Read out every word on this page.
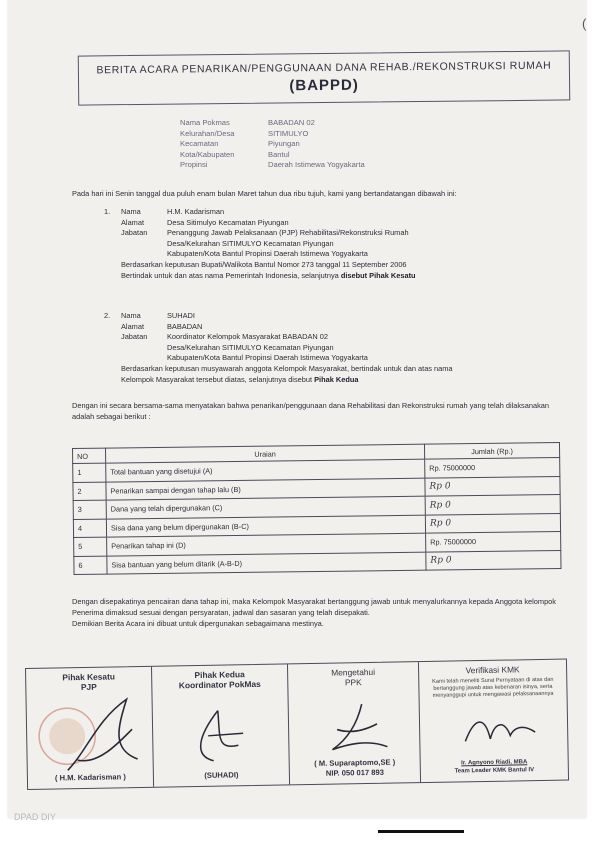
(
BERITA ACARA PENARIKAN/PENGGUNAAN DANA REHAB./REKONSTRUKSI RUMAH
(BAPPD)
Nama Pokmas	BABADAN 02
Kelurahan/Desa	SITIMULYO
Kecamatan	Piyungan
Kota/Kabupaten	Bantul
Propinsi	Daerah Istimewa Yogyakarta
Pada hari ini Senin tanggal dua puluh enam bulan Maret tahun dua ribu tujuh, kami yang bertandatangan dibawah ini:
1.	Nama	H.M. Kadarisman
Alamat	Desa Sitimulyo Kecamatan Piyungan
Jabatan	Penanggung Jawab Pelaksanaan (PJP) Rehabilitasi/Rekonstruksi Rumah
Desa/Kelurahan SITIMULYO Kecamatan Piyungan
Kabupaten/Kota Bantul Propinsi Daerah Istimewa Yogyakarta
Berdasarkan keputusan Bupati/Walikota Bantul Nomor 273 tanggal 11 September 2006
Bertindak untuk dan atas nama Pemerintah Indonesia, selanjutnya disebut Pihak Kesatu
2.	Nama	SUHADI
Alamat	BABADAN
Jabatan	Koordinator Kelompok Masyarakat BABADAN 02
Desa/Kelurahan SITIMULYO Kecamatan Piyungan
Kabupaten/Kota Bantul Propinsi Daerah Istimewa Yogyakarta
Berdasarkan keputusan musyawarah anggota Kelompok Masyarakat, bertindak untuk dan atas nama
Kelompok Masyarakat tersebut diatas, selanjutnya disebut Pihak Kedua
Dengan ini secara bersama-sama menyatakan bahwa penarikan/penggunaan dana Rehabilitasi dan Rekonstruksi rumah yang telah dilaksanakan adalah sebagai berikut :
NO	Uraian	Jumlah (Rp.)
1	Total bantuan yang disetujui (A)	Rp. 75000000
2	Penarikan sampai dengan tahap lalu (B)	Rp 0
3	Dana yang telah dipergunakan (C)	Rp 0
4	Sisa dana yang belum dipergunakan (B-C)	Rp 0
5	Penarikan tahap ini (D)	Rp. 75000000
6	Sisa bantuan yang belum ditarik (A-B-D)	Rp 0
Dengan disepakatinya pencairan dana tahap ini, maka Kelompok Masyarakat bertanggung jawab untuk menyalurkannya kepada Anggota kelompok Penerima dimaksud sesuai dengan persyaratan, jadwal dan sasaran yang telah disepakati.
Demikian Berita Acara ini dibuat untuk dipergunakan sebagaimana mestinya.
Pihak Kesatu
PJP
( H.M. Kadarisman )
Pihak Kedua
Koordinator PokMas
(SUHADI)
Mengetahui
PPK
( M. Suparaptomo,SE )
NIP. 050 017 893
Verifikasi KMK
Kami telah meneliti Surat Pernyataan di atas dan bertanggung jawab atas kebenaran isinya, serta menyanggupi untuk mengawasi pelaksanaannya
Ir. Agnyono Riadi, MBA
Team Leader KMK Bantul IV
DPAD DIY
